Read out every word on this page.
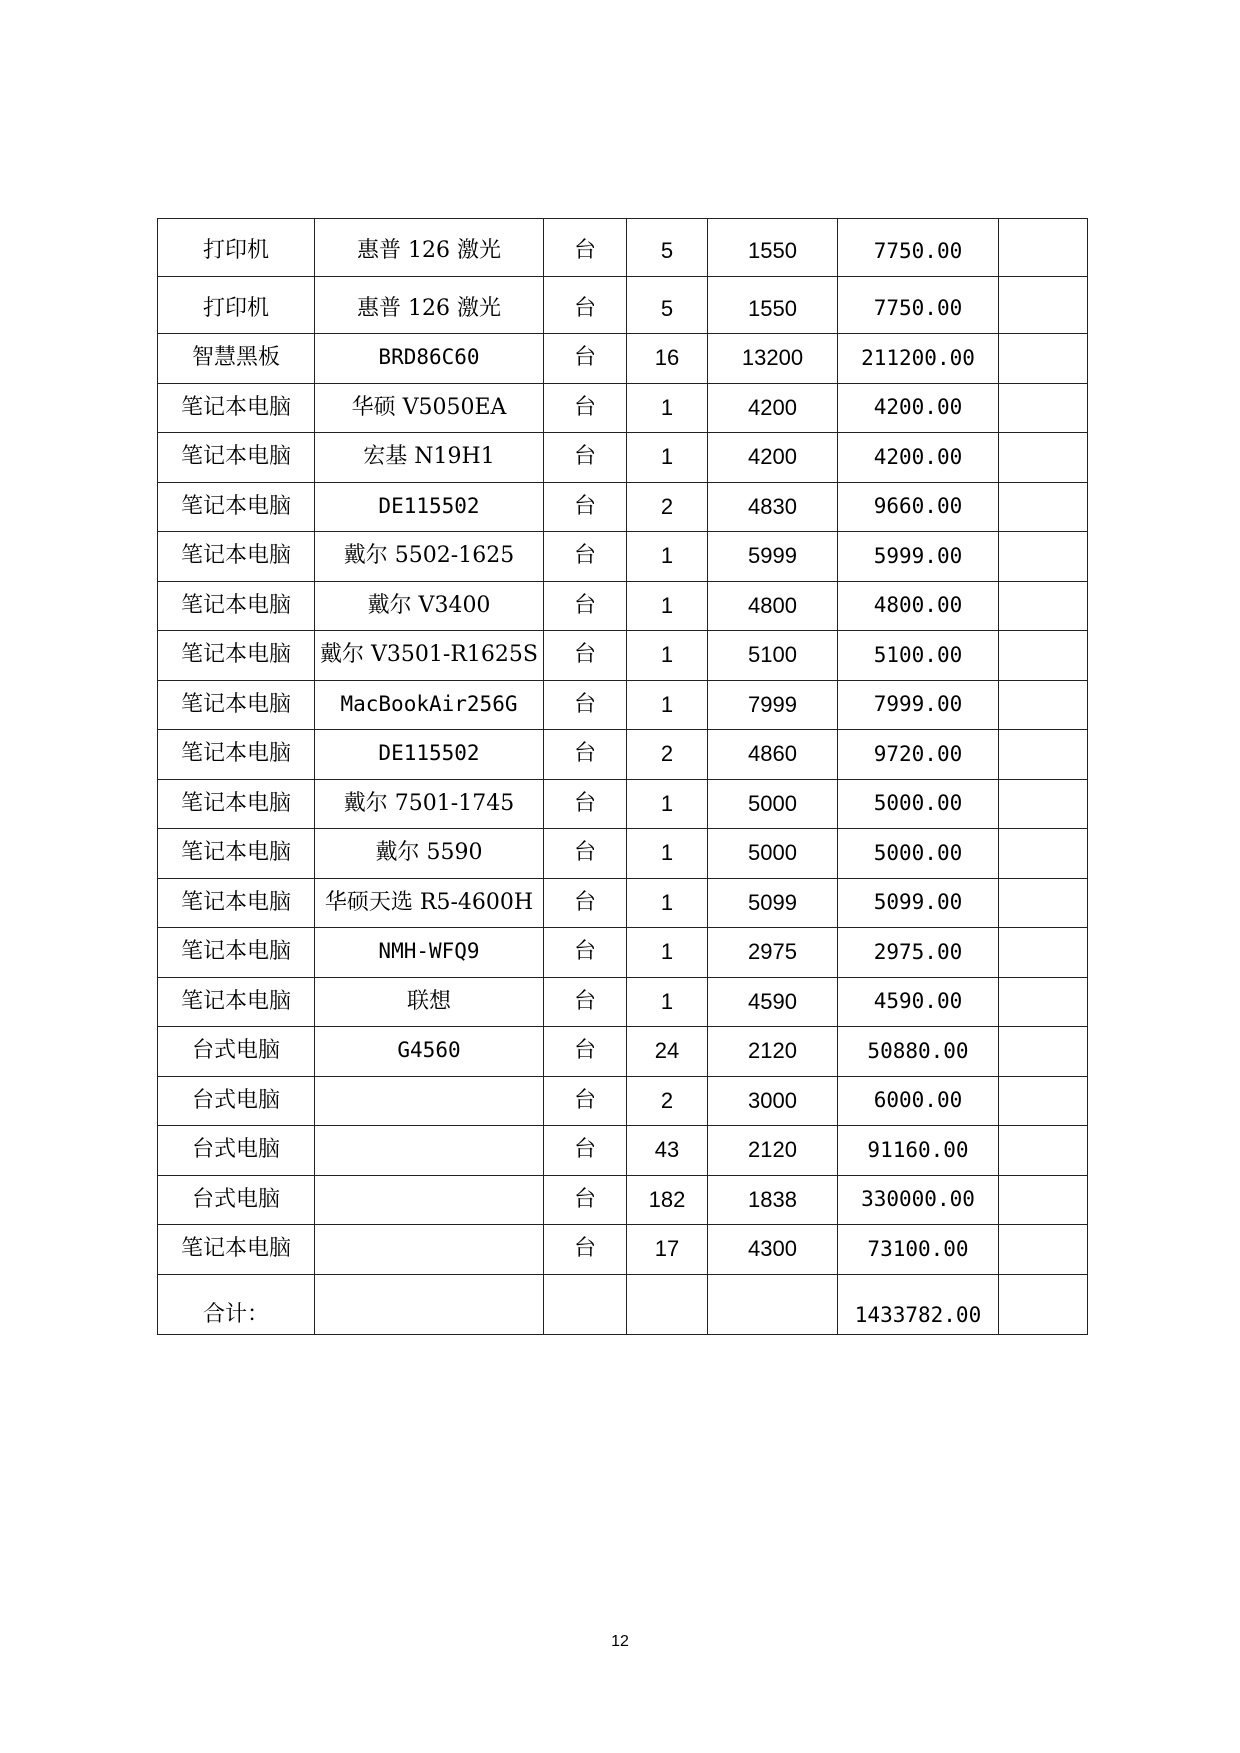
打印机	惠普 126 激光	台	5	1550	7750.00	
打印机	惠普 126 激光	台	5	1550	7750.00	
智慧黑板	BRD86C60	台	16	13200	211200.00	
笔记本电脑	华硕 V5050EA	台	1	4200	4200.00	
笔记本电脑	宏基 N19H1	台	1	4200	4200.00	
笔记本电脑	DE115502	台	2	4830	9660.00	
笔记本电脑	戴尔 5502-1625	台	1	5999	5999.00	
笔记本电脑	戴尔 V3400	台	1	4800	4800.00	
笔记本电脑	戴尔 V3501-R1625S	台	1	5100	5100.00	
笔记本电脑	MacBookAir256G	台	1	7999	7999.00	
笔记本电脑	DE115502	台	2	4860	9720.00	
笔记本电脑	戴尔 7501-1745	台	1	5000	5000.00	
笔记本电脑	戴尔 5590	台	1	5000	5000.00	
笔记本电脑	华硕天选 R5-4600H	台	1	5099	5099.00	
笔记本电脑	NMH-WFQ9	台	1	2975	2975.00	
笔记本电脑	联想	台	1	4590	4590.00	
台式电脑	G4560	台	24	2120	50880.00	
台式电脑		台	2	3000	6000.00	
台式电脑		台	43	2120	91160.00	
台式电脑		台	182	1838	330000.00	
笔记本电脑		台	17	4300	73100.00	
合计：					1433782.00	
12
